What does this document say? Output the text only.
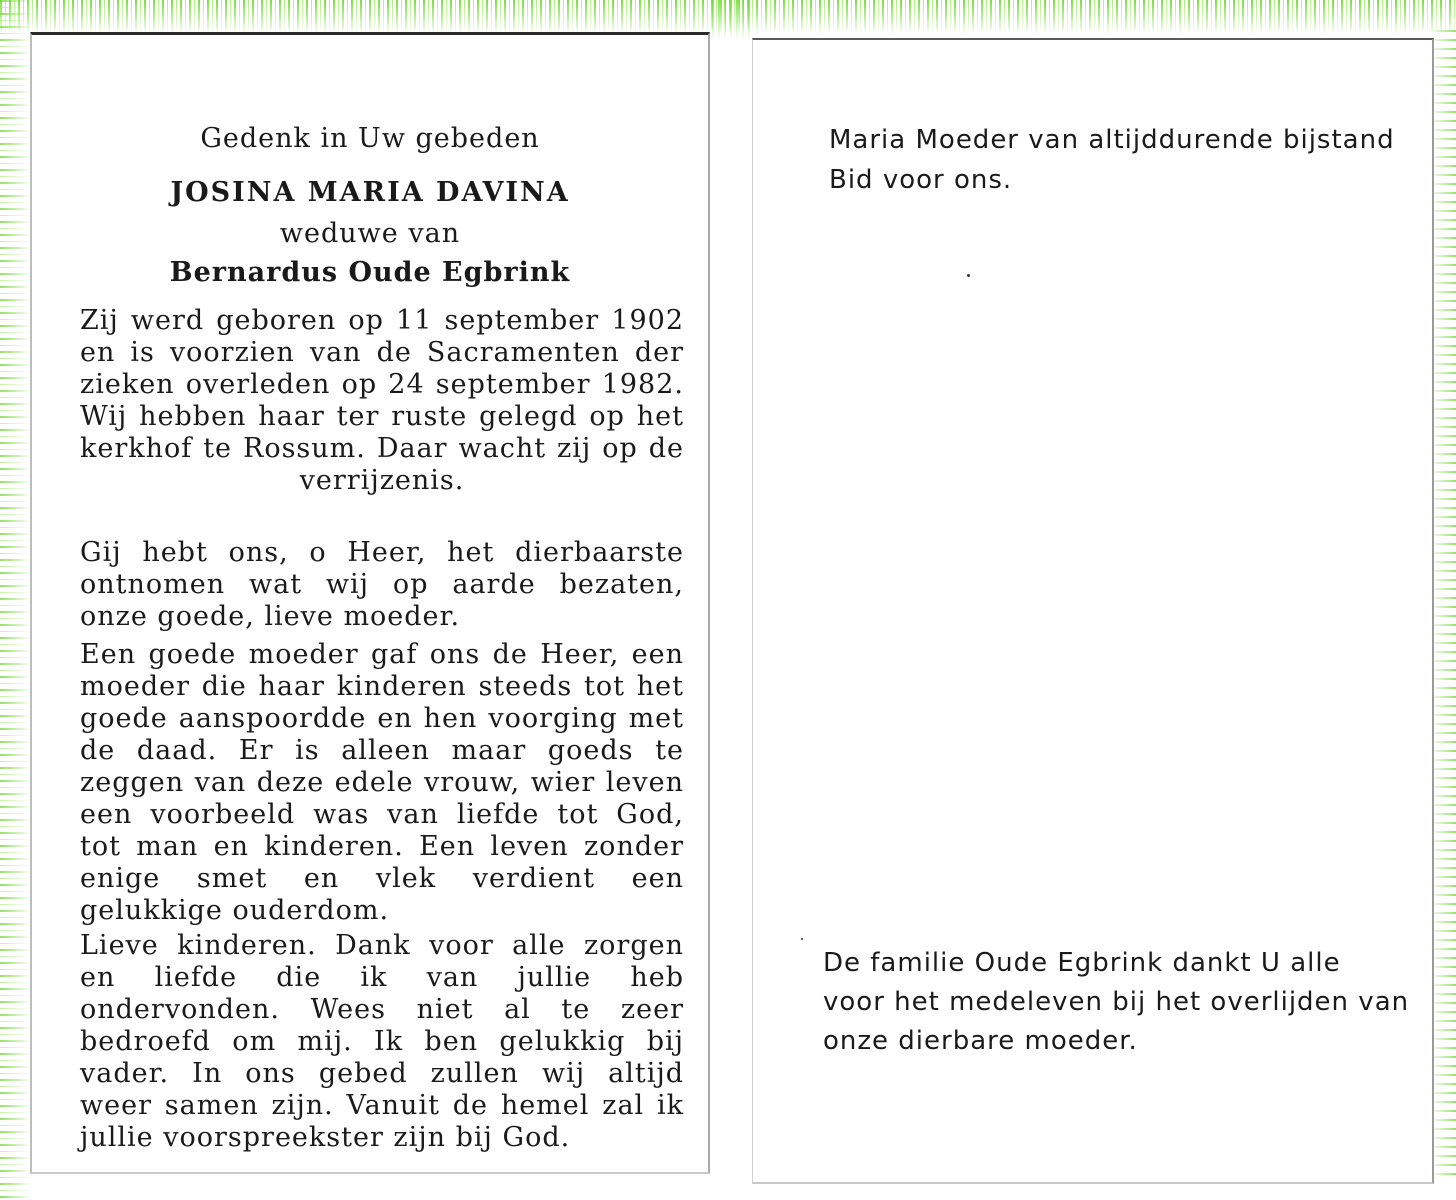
Gedenk in Uw gebeden
JOSINA MARIA DAVINA
weduwe van
Bernardus Oude Egbrink

Zij werd geboren op 11 september 1902 en is voorzien van de Sacramenten der zieken overleden op 24 september 1982. Wij hebben haar ter ruste gelegd op het kerkhof te Rossum. Daar wacht zij op de verrijzenis.

Gij hebt ons, o Heer, het dierbaarste ontnomen wat wij op aarde bezaten, onze goede, lieve moeder.

Een goede moeder gaf ons de Heer, een moeder die haar kinderen steeds tot het goede aanspoordde en hen voorging met de daad. Er is alleen maar goeds te zeggen van deze edele vrouw, wier leven een voorbeeld was van liefde tot God, tot man en kinderen. Een leven zonder enige smet en vlek verdient een gelukkige ouderdom.

Lieve kinderen. Dank voor alle zorgen en liefde die ik van jullie heb ondervonden. Wees niet al te zeer bedroefd om mij. Ik ben gelukkig bij vader. In ons gebed zullen wij altijd weer samen zijn. Vanuit de hemel zal ik jullie voorspreekster zijn bij God.

Maria Moeder van altijddurende bijstand
Bid voor ons.
De familie Oude Egbrink dankt U alle
voor het medeleven bij het overlijden van
onze dierbare moeder.
